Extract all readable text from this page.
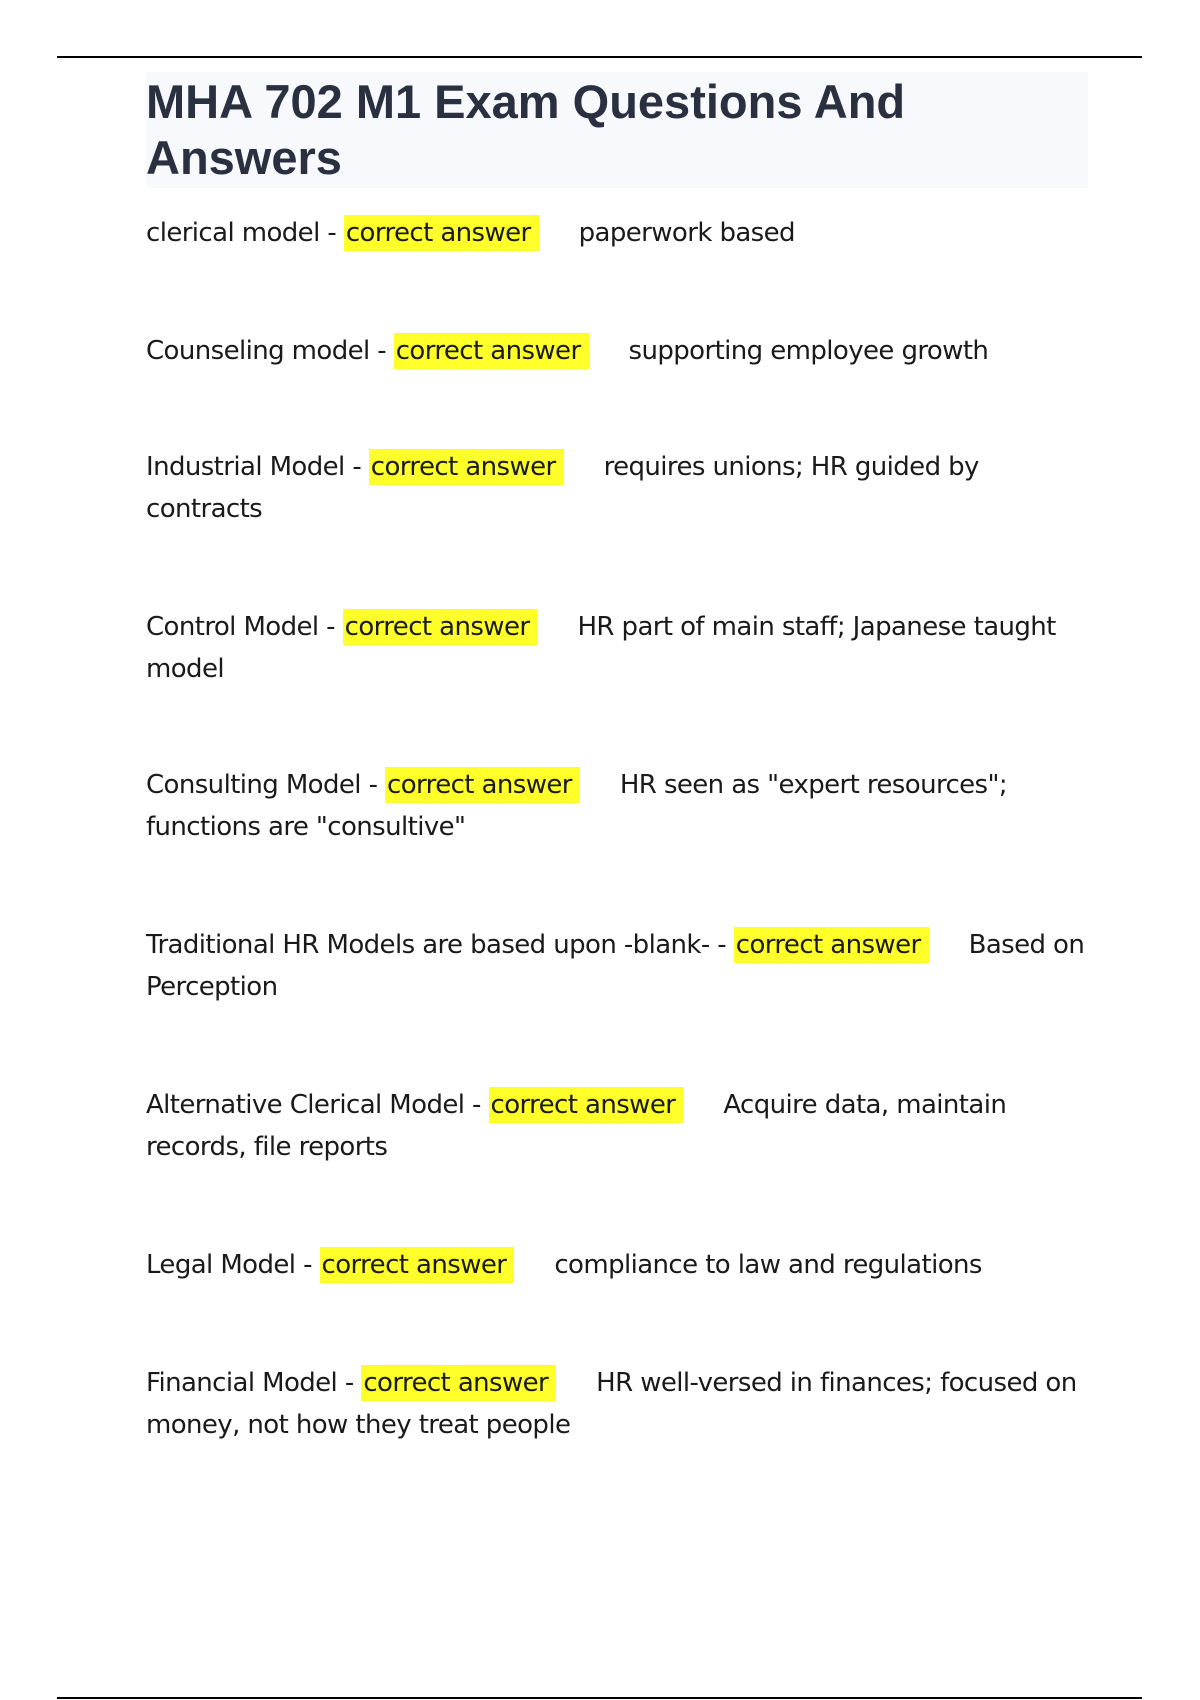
MHA 702 M1 Exam Questions And Answers

clerical model - correct answer paperwork based

Counseling model - correct answer supporting employee growth

Industrial Model - correct answer requires unions; HR guided by contracts

Control Model - correct answer HR part of main staff; Japanese taught model

Consulting Model - correct answer HR seen as "expert resources"; functions are "consultive"

Traditional HR Models are based upon -blank- - correct answer Based on Perception

Alternative Clerical Model - correct answer Acquire data, maintain records, file reports

Legal Model - correct answer compliance to law and regulations

Financial Model - correct answer HR well-versed in finances; focused on money, not how they treat people
